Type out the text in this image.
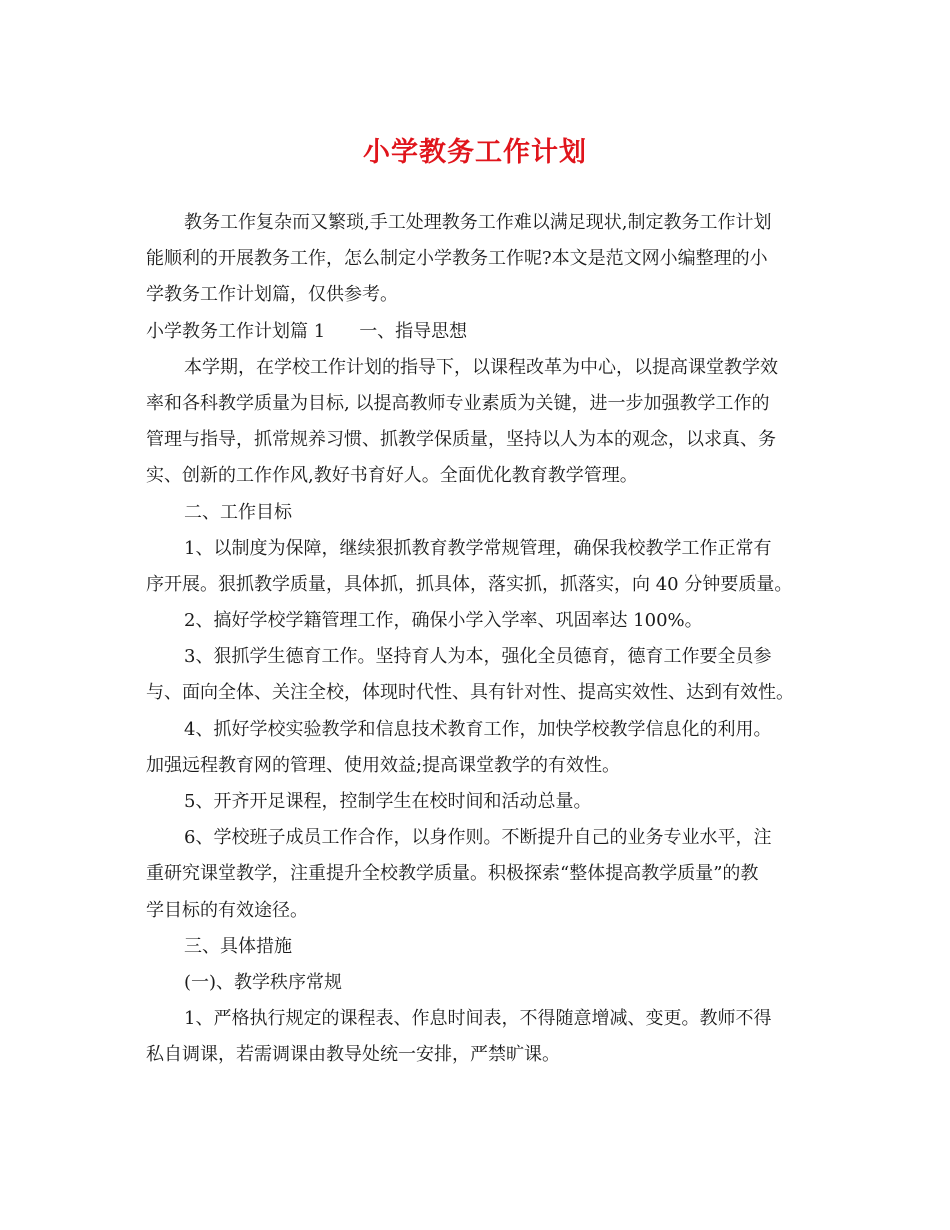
小学教务工作计划
教务工作复杂而又繁琐,手工处理教务工作难以满足现状,制定教务工作计划
能顺利的开展教务工作，怎么制定小学教务工作呢?本文是范文网小编整理的小
学教务工作计划篇，仅供参考。
小学教务工作计划篇 1 一、指导思想
本学期，在学校工作计划的指导下，以课程改革为中心，以提高课堂教学效
率和各科教学质量为目标, 以提高教师专业素质为关键，进一步加强教学工作的
管理与指导，抓常规养习惯、抓教学保质量，坚持以人为本的观念，以求真、务
实、创新的工作作风,教好书育好人。全面优化教育教学管理。
二、工作目标
1、以制度为保障，继续狠抓教育教学常规管理，确保我校教学工作正常有
序开展。狠抓教学质量，具体抓，抓具体，落实抓，抓落实，向 40 分钟要质量。
2、搞好学校学籍管理工作，确保小学入学率、巩固率达 100%。
3、狠抓学生德育工作。坚持育人为本，强化全员德育，德育工作要全员参
与、面向全体、关注全校，体现时代性、具有针对性、提高实效性、达到有效性。
4、抓好学校实验教学和信息技术教育工作，加快学校教学信息化的利用。
加强远程教育网的管理、使用效益;提高课堂教学的有效性。
5、开齐开足课程，控制学生在校时间和活动总量。
6、学校班子成员工作合作，以身作则。不断提升自己的业务专业水平，注
重研究课堂教学，注重提升全校教学质量。积极探索“整体提高教学质量”的教
学目标的有效途径。
三、具体措施
(一)、教学秩序常规
1、严格执行规定的课程表、作息时间表，不得随意增减、变更。教师不得
私自调课，若需调课由教导处统一安排，严禁旷课。
